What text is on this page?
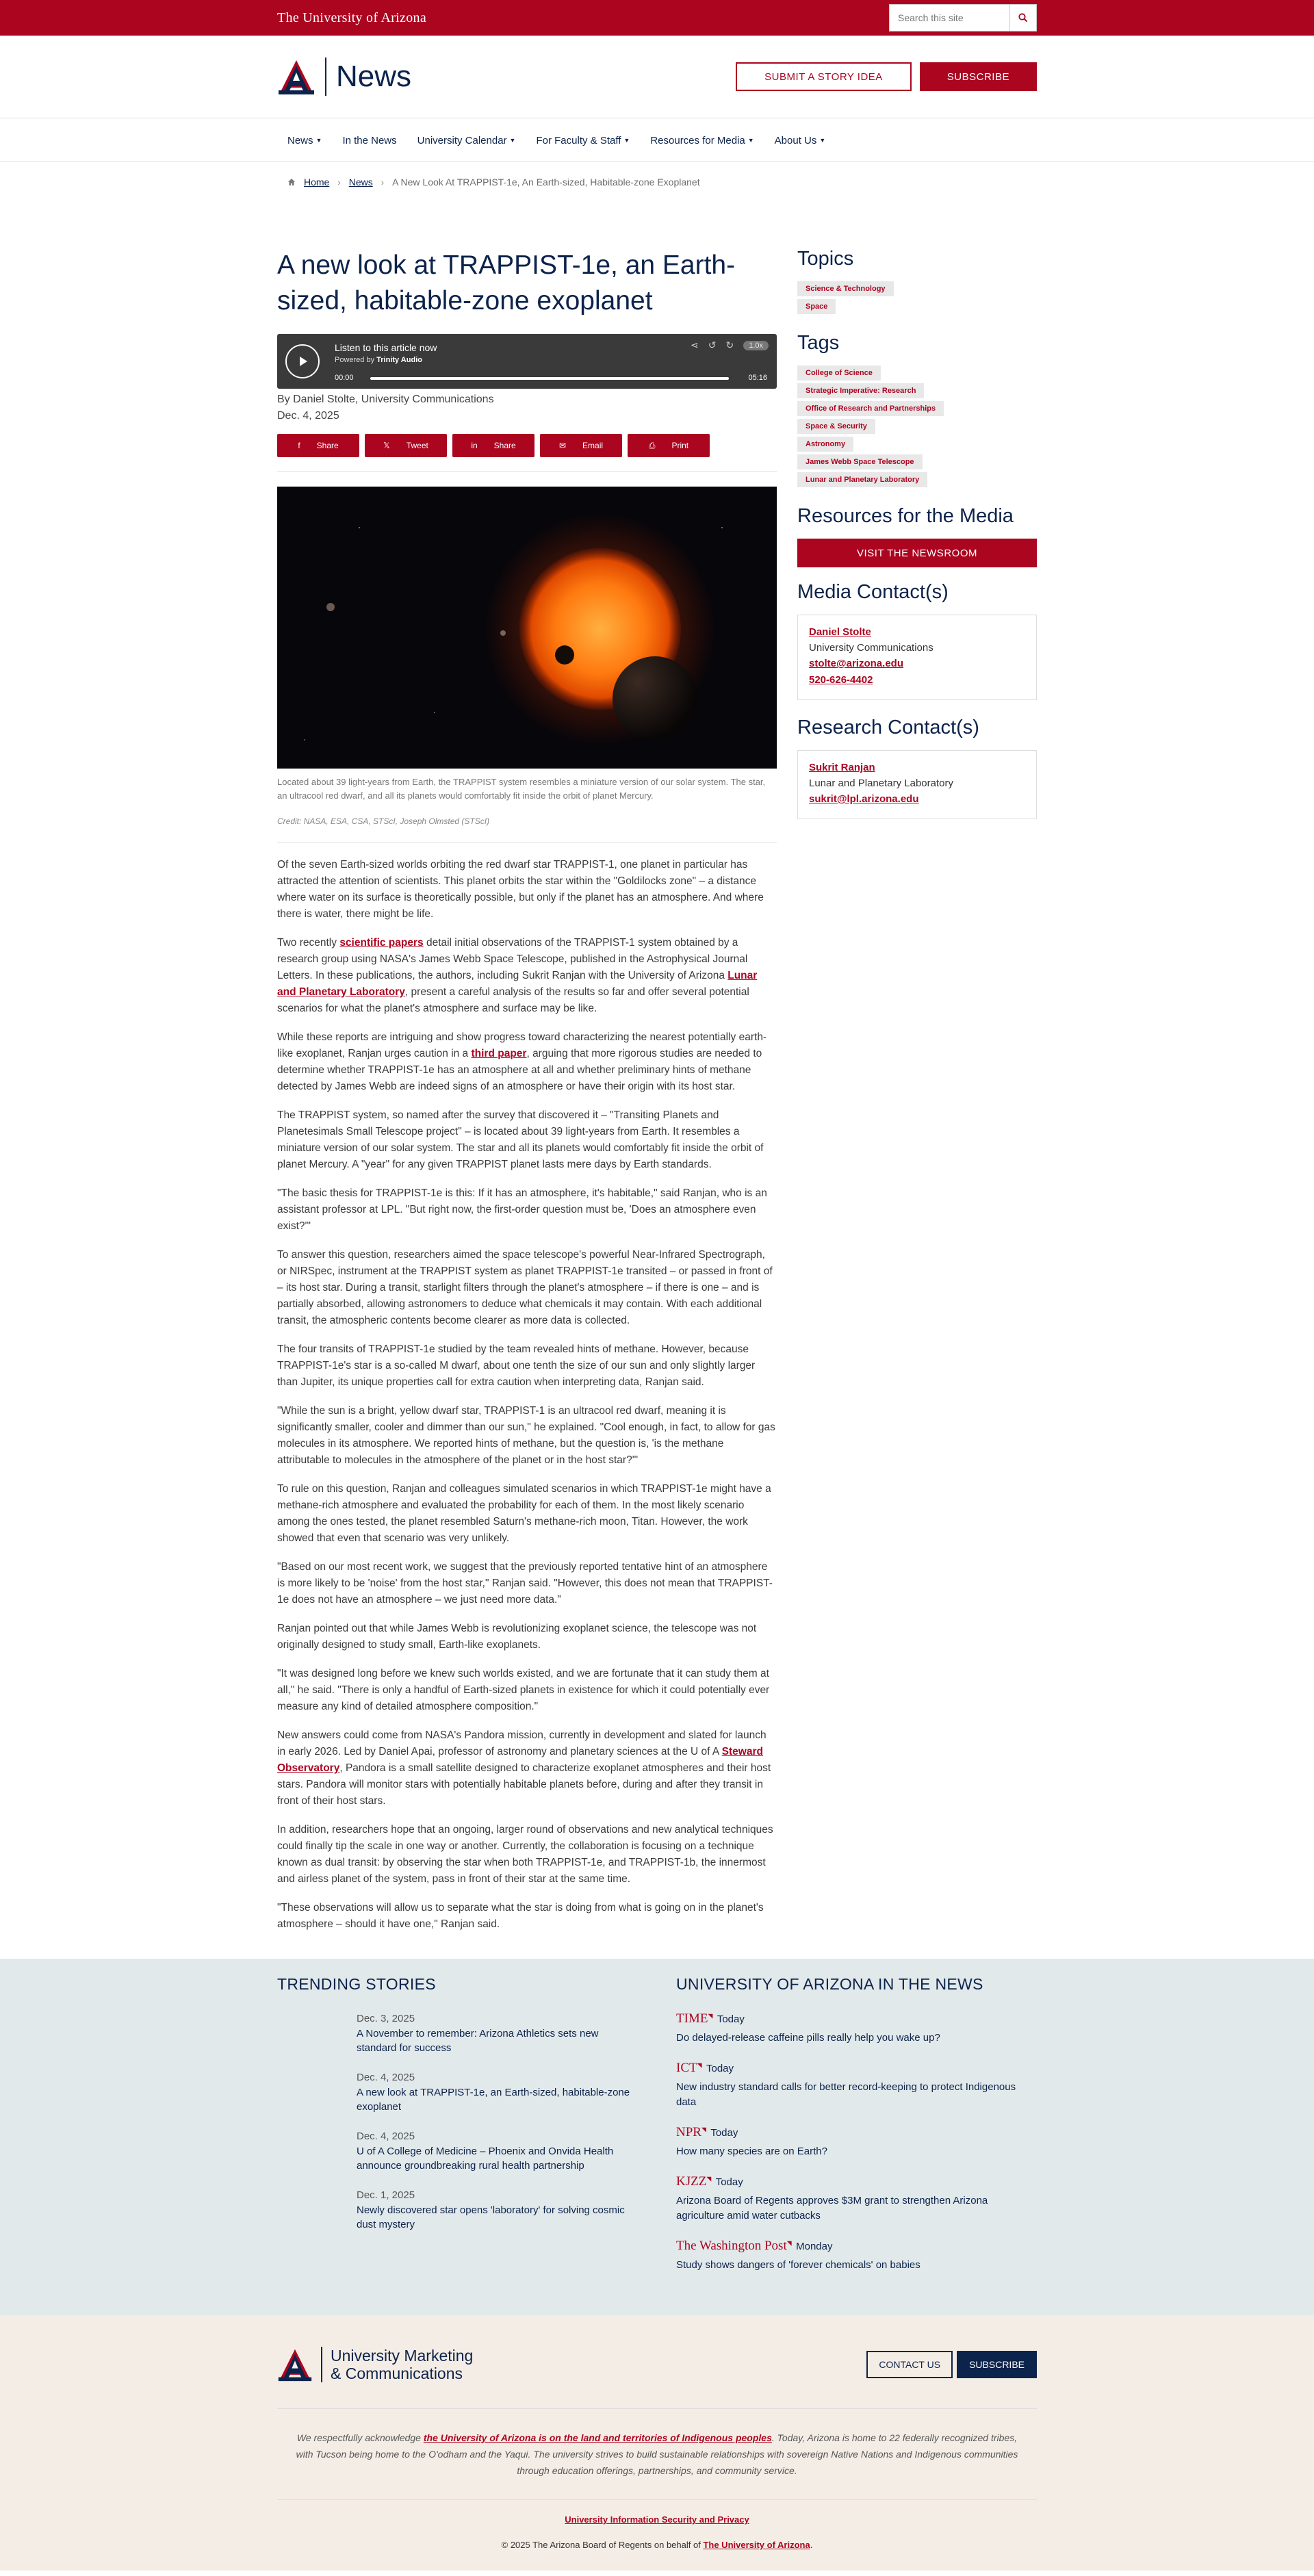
The University of Arizona
Search this site
News	SUBMIT A STORY IDEA	SUBSCRIBE
News ▼ In the News University Calendar ▼ For Faculty & Staff ▼ Resources for Media ▼ About Us ▼
Home › News › A New Look At TRAPPIST-1e, An Earth-sized, Habitable-zone Exoplanet
A new look at TRAPPIST-1e, an Earth-sized, habitable-zone exoplanet
Listen to this article now
Powered by Trinity Audio
⋖ ↺ ↻	1.0x
00:00	05:16
By Daniel Stolte, University Communications
Dec. 4, 2025
f Share	𝕏 Tweet	in Share	✉ Email	⎙ Print
Located about 39 light-years from Earth, the TRAPPIST system resembles a miniature version of our solar system. The star, an ultracool red dwarf, and all its planets would comfortably fit inside the orbit of planet Mercury.
Credit: NASA, ESA, CSA, STScI, Joseph Olmsted (STScI)

Of the seven Earth-sized worlds orbiting the red dwarf star TRAPPIST-1, one planet in particular has attracted the attention of scientists. This planet orbits the star within the "Goldilocks zone" – a distance where water on its surface is theoretically possible, but only if the planet has an atmosphere. And where there is water, there might be life.

Two recently scientific papers detail initial observations of the TRAPPIST-1 system obtained by a research group using NASA's James Webb Space Telescope, published in the Astrophysical Journal Letters. In these publications, the authors, including Sukrit Ranjan with the University of Arizona Lunar and Planetary Laboratory, present a careful analysis of the results so far and offer several potential scenarios for what the planet's atmosphere and surface may be like.

While these reports are intriguing and show progress toward characterizing the nearest potentially earth-like exoplanet, Ranjan urges caution in a third paper, arguing that more rigorous studies are needed to determine whether TRAPPIST-1e has an atmosphere at all and whether preliminary hints of methane detected by James Webb are indeed signs of an atmosphere or have their origin with its host star.

The TRAPPIST system, so named after the survey that discovered it – "Transiting Planets and Planetesimals Small Telescope project" – is located about 39 light-years from Earth. It resembles a miniature version of our solar system. The star and all its planets would comfortably fit inside the orbit of planet Mercury. A "year" for any given TRAPPIST planet lasts mere days by Earth standards.

"The basic thesis for TRAPPIST-1e is this: If it has an atmosphere, it's habitable," said Ranjan, who is an assistant professor at LPL. "But right now, the first-order question must be, 'Does an atmosphere even exist?'"

To answer this question, researchers aimed the space telescope's powerful Near-Infrared Spectrograph, or NIRSpec, instrument at the TRAPPIST system as planet TRAPPIST-1e transited – or passed in front of – its host star. During a transit, starlight filters through the planet's atmosphere – if there is one – and is partially absorbed, allowing astronomers to deduce what chemicals it may contain. With each additional transit, the atmospheric contents become clearer as more data is collected.

The four transits of TRAPPIST-1e studied by the team revealed hints of methane. However, because TRAPPIST-1e's star is a so-called M dwarf, about one tenth the size of our sun and only slightly larger than Jupiter, its unique properties call for extra caution when interpreting data, Ranjan said.

"While the sun is a bright, yellow dwarf star, TRAPPIST-1 is an ultracool red dwarf, meaning it is significantly smaller, cooler and dimmer than our sun," he explained. "Cool enough, in fact, to allow for gas molecules in its atmosphere. We reported hints of methane, but the question is, 'is the methane attributable to molecules in the atmosphere of the planet or in the host star?'"

To rule on this question, Ranjan and colleagues simulated scenarios in which TRAPPIST-1e might have a methane-rich atmosphere and evaluated the probability for each of them. In the most likely scenario among the ones tested, the planet resembled Saturn's methane-rich moon, Titan. However, the work showed that even that scenario was very unlikely.

"Based on our most recent work, we suggest that the previously reported tentative hint of an atmosphere is more likely to be 'noise' from the host star," Ranjan said. "However, this does not mean that TRAPPIST-1e does not have an atmosphere – we just need more data."

Ranjan pointed out that while James Webb is revolutionizing exoplanet science, the telescope was not originally designed to study small, Earth-like exoplanets.

"It was designed long before we knew such worlds existed, and we are fortunate that it can study them at all," he said. "There is only a handful of Earth-sized planets in existence for which it could potentially ever measure any kind of detailed atmosphere composition."

New answers could come from NASA's Pandora mission, currently in development and slated for launch in early 2026. Led by Daniel Apai, professor of astronomy and planetary sciences at the U of A Steward Observatory, Pandora is a small satellite designed to characterize exoplanet atmospheres and their host stars. Pandora will monitor stars with potentially habitable planets before, during and after they transit in front of their host stars.

In addition, researchers hope that an ongoing, larger round of observations and new analytical techniques could finally tip the scale in one way or another. Currently, the collaboration is focusing on a technique known as dual transit: by observing the star when both TRAPPIST-1e, and TRAPPIST-1b, the innermost and airless planet of the system, pass in front of their star at the same time.

"These observations will allow us to separate what the star is doing from what is going on in the planet's atmosphere – should it have one," Ranjan said.

Topics
Science & Technology
Space
Tags
College of Science
Strategic Imperative: Research
Office of Research and Partnerships
Space & Security
Astronomy
James Webb Space Telescope
Lunar and Planetary Laboratory
Resources for the Media
VISIT THE NEWSROOM
Media Contact(s)
Daniel Stolte
University Communications
stolte@arizona.edu
520-626-4402
Research Contact(s)
Sukrit Ranjan
Lunar and Planetary Laboratory
sukrit@lpl.arizona.edu
TRENDING STORIES
Dec. 3, 2025
A November to remember: Arizona Athletics sets new standard for success
Dec. 4, 2025
A new look at TRAPPIST-1e, an Earth-sized, habitable-zone exoplanet
Dec. 4, 2025
U of A College of Medicine – Phoenix and Onvida Health announce groundbreaking rural health partnership
Dec. 1, 2025
Newly discovered star opens 'laboratory' for solving cosmic dust mystery
UNIVERSITY OF ARIZONA IN THE NEWS
TIME◥ Today
Do delayed-release caffeine pills really help you wake up?
ICT◥ Today
New industry standard calls for better record-keeping to protect Indigenous data
NPR◥ Today
How many species are on Earth?
KJZZ◥ Today
Arizona Board of Regents approves $3M grant to strengthen Arizona agriculture amid water cutbacks
The Washington Post◥ Monday
Study shows dangers of 'forever chemicals' on babies
University Marketing
& Communications	CONTACT US	SUBSCRIBE
We respectfully acknowledge the University of Arizona is on the land and territories of Indigenous peoples. Today, Arizona is home to 22 federally recognized tribes, with Tucson being home to the O'odham and the Yaqui. The university strives to build sustainable relationships with sovereign Native Nations and Indigenous communities through education offerings, partnerships, and community service.
University Information Security and Privacy
© 2025 The Arizona Board of Regents on behalf of The University of Arizona.
